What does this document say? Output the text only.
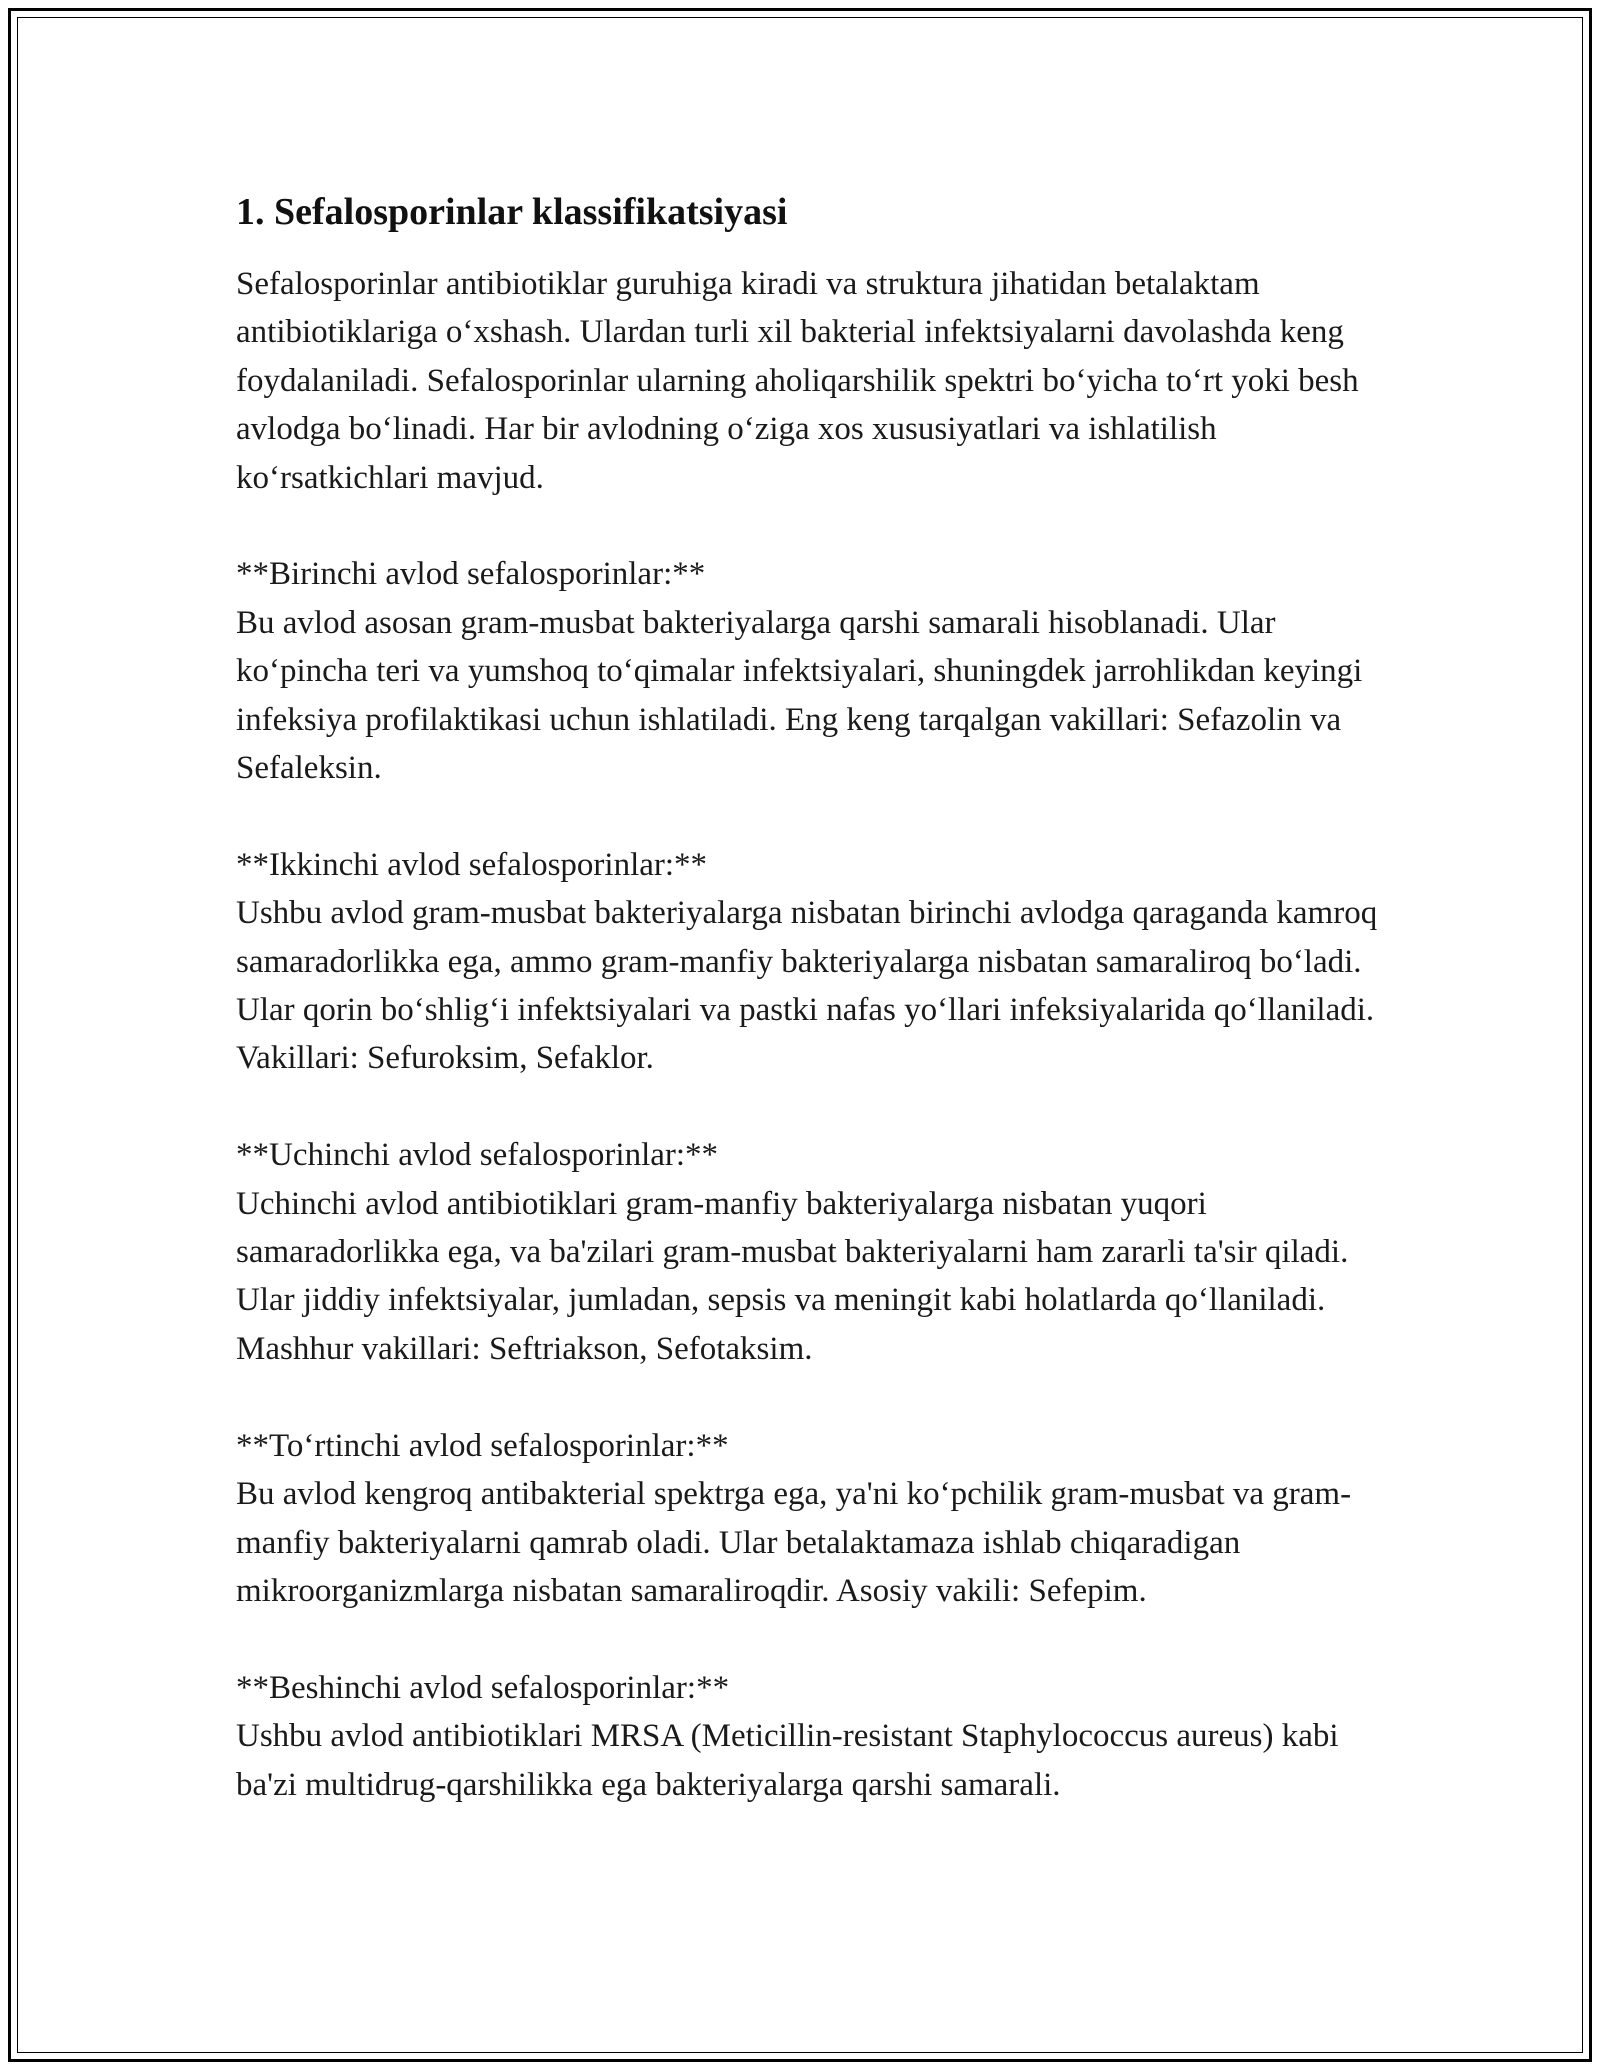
1. Sefalosporinlar klassifikatsiyasi

Sefalosporinlar antibiotiklar guruhiga kiradi va struktura jihatidan betalaktam antibiotiklariga o‘xshash. Ulardan turli xil bakterial infektsiyalarni davolashda keng foydalaniladi. Sefalosporinlar ularning aholiqarshilik spektri bo‘yicha to‘rt yoki besh avlodga bo‘linadi. Har bir avlodning o‘ziga xos xususiyatlari va ishlatilish ko‘rsatkichlari mavjud.

**Birinchi avlod sefalosporinlar:**

Bu avlod asosan gram-musbat bakteriyalarga qarshi samarali hisoblanadi. Ular ko‘pincha teri va yumshoq to‘qimalar infektsiyalari, shuningdek jarrohlikdan keyingi infeksiya profilaktikasi uchun ishlatiladi. Eng keng tarqalgan vakillari: Sefazolin va Sefaleksin.

**Ikkinchi avlod sefalosporinlar:**

Ushbu avlod gram-musbat bakteriyalarga nisbatan birinchi avlodga qaraganda kamroq samaradorlikka ega, ammo gram-manfiy bakteriyalarga nisbatan samaraliroq bo‘ladi. Ular qorin bo‘shlig‘i infektsiyalari va pastki nafas yo‘llari infeksiyalarida qo‘llaniladi. Vakillari: Sefuroksim, Sefaklor.

**Uchinchi avlod sefalosporinlar:**

Uchinchi avlod antibiotiklari gram-manfiy bakteriyalarga nisbatan yuqori samaradorlikka ega, va ba'zilari gram-musbat bakteriyalarni ham zararli ta'sir qiladi. Ular jiddiy infektsiyalar, jumladan, sepsis va meningit kabi holatlarda qo‘llaniladi. Mashhur vakillari: Seftriakson, Sefotaksim.

**To‘rtinchi avlod sefalosporinlar:**

Bu avlod kengroq antibakterial spektrga ega, ya'ni ko‘pchilik gram-musbat va gram-manfiy bakteriyalarni qamrab oladi. Ular betalaktamaza ishlab chiqaradigan mikroorganizmlarga nisbatan samaraliroqdir. Asosiy vakili: Sefepim.

**Beshinchi avlod sefalosporinlar:**

Ushbu avlod antibiotiklari MRSA (Meticillin-resistant Staphylococcus aureus) kabi ba'zi multidrug-qarshilikka ega bakteriyalarga qarshi samarali.
